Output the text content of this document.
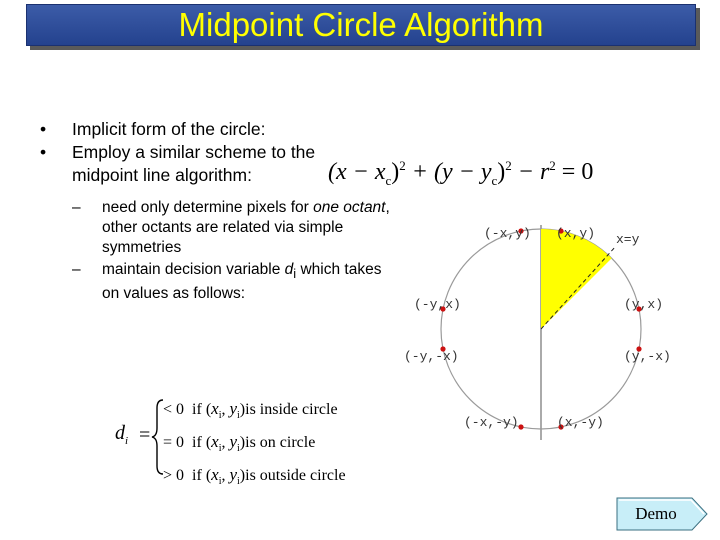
Midpoint Circle Algorithm
• Implicit form of the circle:
• Employ a similar scheme to the midpoint line algorithm:
– need only determine pixels for one octant, other octants are related via simple symmetries
– maintain decision variable $d_i$ which takes on values as follows:
$(x - x_c)^2 + (y - y_c)^2 - r^2 = 0$
(-x,y) (x,y) x=y
(-y,x)	(y,x)
(-y,-x)	(y,-x)
(-x,-y)	(x,-y)
$d_i$ =
< 0 if ($x_i$, $y_i)is$ inside circle
= 0 if ($x_i$, $y_i)is$ on circle
> 0 if ($x_i$, $y_i)is$ outside circle
Demo
